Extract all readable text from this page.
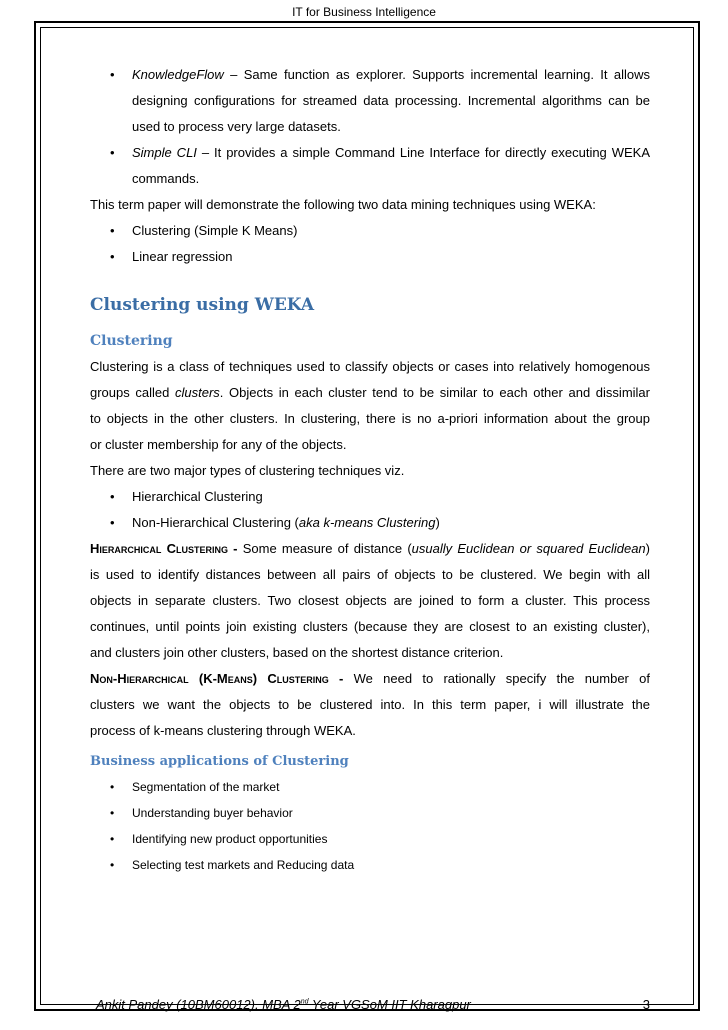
IT for Business Intelligence
• KnowledgeFlow – Same function as explorer. Supports incremental learning. It allows
designing configurations for streamed data processing. Incremental algorithms can be
used to process very large datasets.
• Simple CLI – It provides a simple Command Line Interface for directly executing WEKA
commands.
This term paper will demonstrate the following two data mining techniques using WEKA:
• Clustering (Simple K Means)
• Linear regression
Clustering using WEKA
Clustering
Clustering is a class of techniques used to classify objects or cases into relatively homogenous
groups called clusters. Objects in each cluster tend to be similar to each other and dissimilar
to objects in the other clusters. In clustering, there is no a-priori information about the group
or cluster membership for any of the objects.
There are two major types of clustering techniques viz.
• Hierarchical Clustering
• Non-Hierarchical Clustering (aka k-means Clustering)
Hierarchical Clustering - Some measure of distance (usually Euclidean or squared Euclidean)
is used to identify distances between all pairs of objects to be clustered. We begin with all
objects in separate clusters. Two closest objects are joined to form a cluster. This process
continues, until points join existing clusters (because they are closest to an existing cluster),
and clusters join other clusters, based on the shortest distance criterion.
Non-Hierarchical (K-Means) Clustering - We need to rationally specify the number of
clusters we want the objects to be clustered into. In this term paper, i will illustrate the
process of k-means clustering through WEKA.
Business applications of Clustering
• Segmentation of the market
• Understanding buyer behavior
• Identifying new product opportunities
• Selecting test markets and Reducing data
Ankit Pandey (10BM60012), MBA 2nd Year VGSoM IIT Kharagpur	3
